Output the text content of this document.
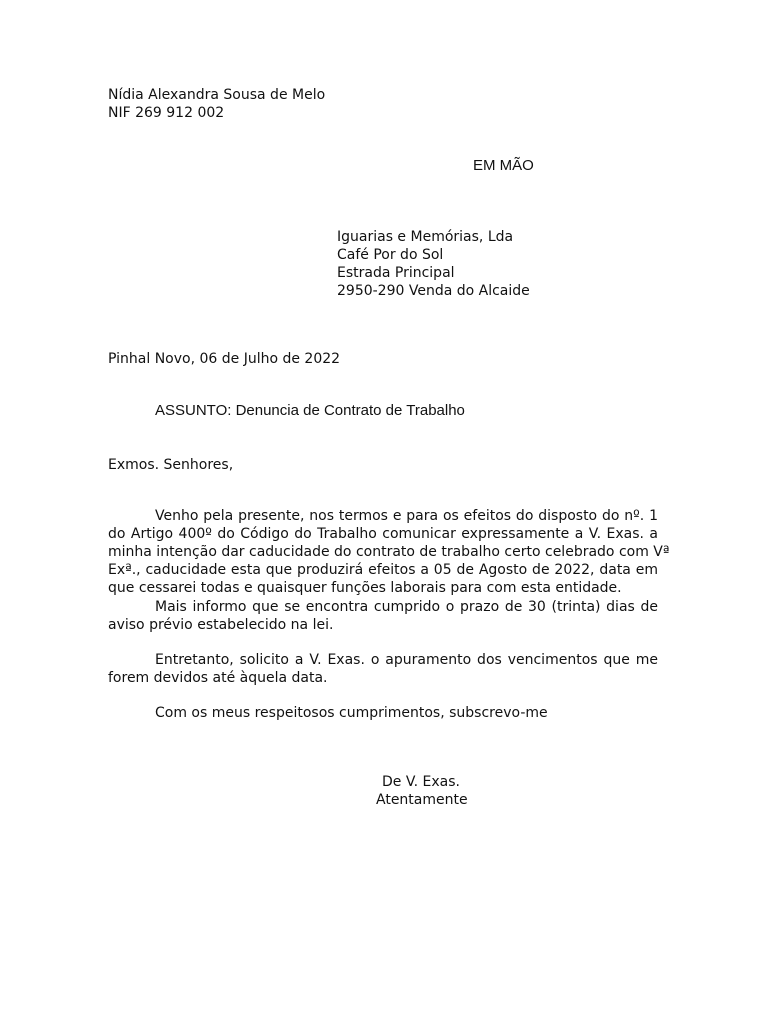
Nídia Alexandra Sousa de Melo
NIF 269 912 002
EM MÃO
Iguarias e Memórias, Lda
Café Por do Sol
Estrada Principal
2950-290 Venda do Alcaide
Pinhal Novo, 06 de Julho de 2022
ASSUNTO: Denuncia de Contrato de Trabalho
Exmos. Senhores,
Venho pela presente, nos termos e para os efeitos do disposto do nº. 1
do Artigo 400º do Código do Trabalho comunicar expressamente a V. Exas. a
minha intenção dar caducidade do contrato de trabalho certo celebrado com Vª
Exª., caducidade esta que produzirá efeitos a 05 de Agosto de 2022, data em
que cessarei todas e quaisquer funções laborais para com esta entidade.
Mais informo que se encontra cumprido o prazo de 30 (trinta) dias de
aviso prévio estabelecido na lei.
Entretanto, solicito a V. Exas. o apuramento dos vencimentos que me
forem devidos até àquela data.
Com os meus respeitosos cumprimentos, subscrevo-me
De V. Exas.
Atentamente
